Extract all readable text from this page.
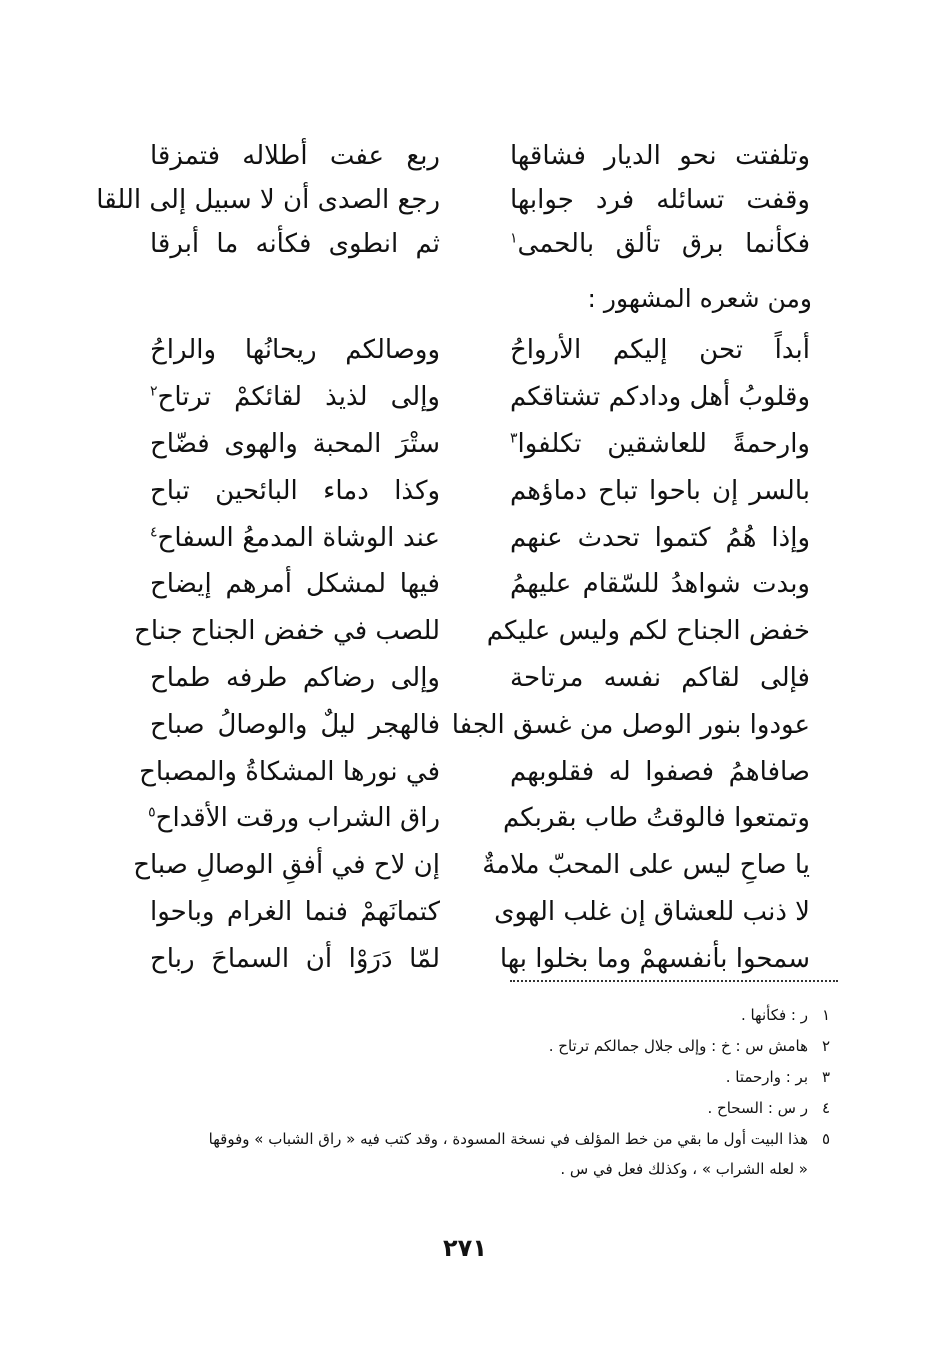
وتلفتت نحو الديار فشاقها
ربع عفت أطلاله فتمزقا
وقفت تسائله فرد جوابها
رجع الصدى أن لا سبيل إلى اللقا
فكأنما برق تألق بالحمى$^١$
ثم انطوى فكأنه ما أبرقا
ومن شعره المشهور :
أبداً تحن إليكم الأرواحُ
ووصالكم ريحانُها والراحُ
وقلوبُ أهل ودادكم تشتاقكم
وإلى لذيذ لقائكمْ ترتاح$^٢$
وارحمةً للعاشقين تكلفوا$^٣$
ستْرَ المحبة والهوى فضّاح
بالسر إن باحوا تباح دماؤهم
وكذا دماء البائحين تباح
وإذا هُمُ كتموا تحدث عنهم
عند الوشاة المدمعُ السفاح$^٤$
وبدت شواهدُ للسّقام عليهمُ
فيها لمشكل أمرهم إيضاح
خفض الجناح لكم وليس عليكم
للصب في خفض الجناح جناح
فإلى لقاكم نفسه مرتاحة
وإلى رضاكم طرفه طماح
عودوا بنور الوصل من غسق الجفا
فالهجر ليلٌ والوصالُ صباح
صافاهمُ فصفوا له فقلوبهم
في نورها المشكاةُ والمصباح
وتمتعوا فالوقتُ طاب بقربكم
راق الشراب ورقت الأقداح$^٥$
يا صاحِ ليس على المحبّ ملامةٌ
إن لاح في أفقِ الوصالِ صباح
لا ذنب للعشاق إن غلب الهوى
كتمانَهمْ فنما الغرام وباحوا
سمحوا بأنفسهمْ وما بخلوا بها
لمّا دَرَوْا أن السماحَ رباح
١
ر : فكأنها .
٢
هامش س : خ : وإلى جلال جمالكم ترتاح .
٣
بر : وارحمتا .
٤
ر س : السحاح .
٥
هذا البيت أول ما بقي من خط المؤلف في نسخة المسودة ، وقد كتب فيه « راق الشباب » وفوقها
« لعله الشراب » ، وكذلك فعل في س .
٢٧١
